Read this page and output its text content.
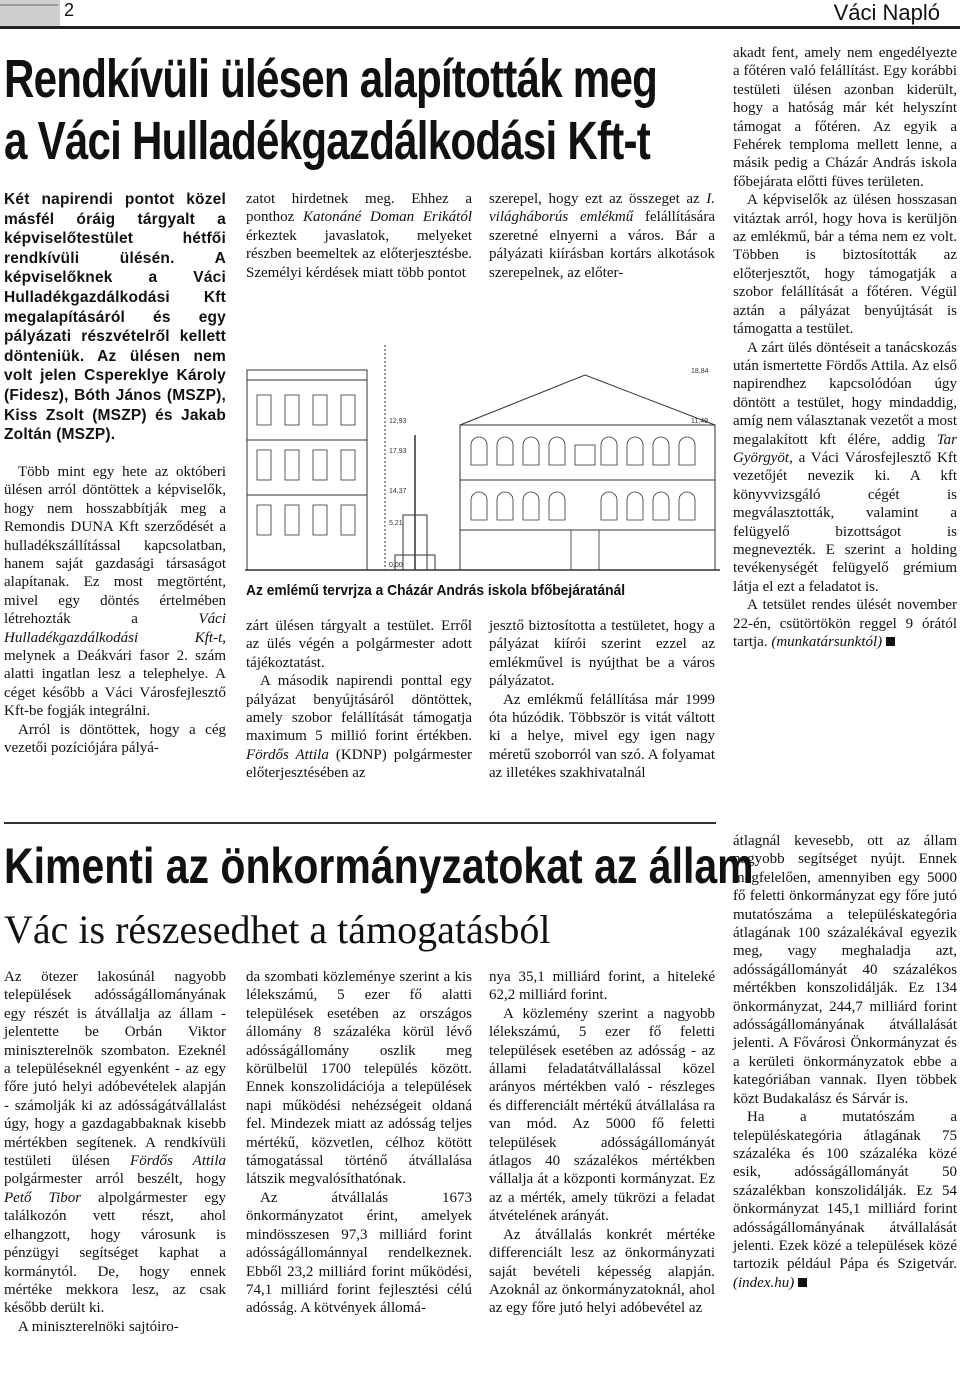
2	Váci Napló
Rendkívüli ülésen alapították meg
a Váci Hulladékgazdálkodási Kft-t
Két napirendi pontot közel másfél óráig tárgyalt a képviselőtestület hétfői rendkívüli ülésén. A képviselőknek a Váci Hulladékgazdálkodási Kft megalapításáról és egy pályázati részvételről kellett dönteniük. Az ülésen nem volt jelen Cspereklye Károly (Fidesz), Bóth János (MSZP), Kiss Zsolt (MSZP) és Jakab Zoltán (MSZP).

Több mint egy hete az októberi ülésen arról döntöttek a képviselők, hogy nem hosszabbítják meg a Remondis DUNA Kft szerződését a hulladékszállítással kapcsolatban, hanem saját gazdasági társaságot alapítanak. Ez most megtörtént, mivel egy döntés értelmében létrehozták a Váci Hulladékgazdálkodási Kft-t, melynek a Deákvári fasor 2. szám alatti ingatlan lesz a telephelye. A céget később a Váci Városfejlesztő Kft-be fogják integrálni.

Arról is döntöttek, hogy a cég vezetői pozíciójára pályá-

zatot hirdetnek meg. Ehhez a ponthoz Katonáné Doman Erikától érkeztek javaslatok, melyeket részben beemeltek az előterjesztésbe. Személyi kérdések miatt több pontot

szerepel, hogy ezt az összeget az I. világháborús emlékmű felállítására szeretné elnyerni a város. Bár a pályázati kiírásban kortárs alkotások szerepelnek, az előter-

18,84
12,93	11,49
17,93
14,37
5,21
0,00
Az emlémű tervrjza a Cházár András iskola bfőbejáratánál

zárt ülésen tárgyalt a testület. Erről az ülés végén a polgármester adott tájékoztatást.

A második napirendi ponttal egy pályázat benyújtásáról döntöttek, amely szobor felállítását támogatja maximum 5 millió forint értékben. Fördős Attila (KDNP) polgármester előterjesztésében az

jesztő biztosította a testületet, hogy a pályázat kiírói szerint ezzel az emlékművel is nyújthat be a város pályázatot.

Az emlékmű felállítása már 1999 óta húzódik. Többször is vitát váltott ki a helye, mivel egy igen nagy méretű szoborról van szó. A folyamat az illetékes szakhivatalnál

akadt fent, amely nem engedélyezte a főtéren való felállítást. Egy korábbi testületi ülésen azonban kiderült, hogy a hatóság már két helyszínt támogat a főtéren. Az egyik a Fehérek temploma mellett lenne, a másik pedig a Cházár András iskola főbejárata előtti füves területen.

A képviselők az ülésen hosszasan vitáztak arról, hogy hova is kerüljön az emlékmű, bár a téma nem ez volt. Többen is biztosították az előterjesztőt, hogy támogatják a szobor felállítását a főtéren. Végül aztán a pályázat benyújtását is támogatta a testület.

A zárt ülés döntéseit a tanácskozás után ismertette Fördős Attila. Az első napirendhez kapcsolódóan úgy döntött a testület, hogy mindaddig, amíg nem választanak vezetőt a most megalakított kft élére, addig Tar Györgyöt, a Váci Városfejlesztő Kft vezetőjét nevezik ki. A kft könyvvizsgáló cégét is megválasztották, valamint a felügyelő bizottságot is megnevezték. E szerint a holding tevékenységét felügyelő grémium látja el ezt a feladatot is.

A tetsület rendes ülését november 22-én, csütörtökön reggel 9 órától tartja. (munkatársunktól)

Kimenti az önkormányzatokat az állam
Vác is részesedhet a támogatásból

Az ötezer lakosúnál nagyobb települések adósságállományának egy részét is átvállalja az állam - jelentette be Orbán Viktor miniszterelnök szombaton. Ezeknél a településeknél egyenként - az egy főre jutó helyi adóbevételek alapján - számolják ki az adósságátvállalást úgy, hogy a gazdagabbaknak kisebb mértékben segítenek. A rendkívüli testületi ülésen Fördős Attila polgármester arról beszélt, hogy Pető Tibor alpolgármester egy találkozón vett részt, ahol elhangzott, hogy városunk is pénzügyi segítséget kaphat a kormánytól. De, hogy ennek mértéke mekkora lesz, az csak később derült ki.

A miniszterelnöki sajtóiro-

da szombati közleménye szerint a kis lélekszámú, 5 ezer fő alatti települések esetében az országos állomány 8 százaléka körül lévő adósságállomány oszlik meg körülbelül 1700 település között. Ennek konszolidációja a települések napi működési nehézségeit oldaná fel. Mindezek miatt az adósság teljes mértékű, közvetlen, célhoz kötött támogatással történő átvállalása látszik megvalósíthatónak.

Az átvállalás 1673 önkormányzatot érint, amelyek mindösszesen 97,3 milliárd forint adósságállománnyal rendelkeznek. Ebből 23,2 milliárd forint működési, 74,1 milliárd forint fejlesztési célú adósság. A kötvények állomá-

nya 35,1 milliárd forint, a hiteleké 62,2 milliárd forint.

A közlemény szerint a nagyobb lélekszámú, 5 ezer fő feletti települések esetében az adósság - az állami feladatátvállalással közel arányos mértékben való - részleges és differenciált mértékű átvállalása ra van mód. Az 5000 fő feletti települések adósságállományát átlagos 40 százalékos mértékben vállalja át a központi kormányzat. Ez az a mérték, amely tükrözi a feladat átvételének arányát.

Az átvállalás konkrét mértéke differenciált lesz az önkormányzati saját bevételi képesség alapján. Azoknál az önkormányzatoknál, ahol az egy főre jutó helyi adóbevétel az

átlagnál kevesebb, ott az állam nagyobb segítséget nyújt. Ennek megfelelően, amennyiben egy 5000 fő feletti önkormányzat egy főre jutó mutatószáma a településkategória átlagának 100 százalékával egyezik meg, vagy meghaladja azt, adósságállományát 40 százalékos mértékben konszolidálják. Ez 134 önkormányzat, 244,7 milliárd forint adósságállományának átvállalását jelenti. A Fővárosi Önkormányzat és a kerületi önkormányzatok ebbe a kategóriában vannak. Ilyen többek közt Budakalász és Sárvár is.

Ha a mutatószám a településkategória átlagának 75 százaléka és 100 százaléka közé esik, adósságállományát 50 százalékban konszolidálják. Ez 54 önkormányzat 145,1 milliárd forint adósságállományának átvállalását jelenti. Ezek közé a települések közé tartozik például Pápa és Szigetvár. (index.hu)
